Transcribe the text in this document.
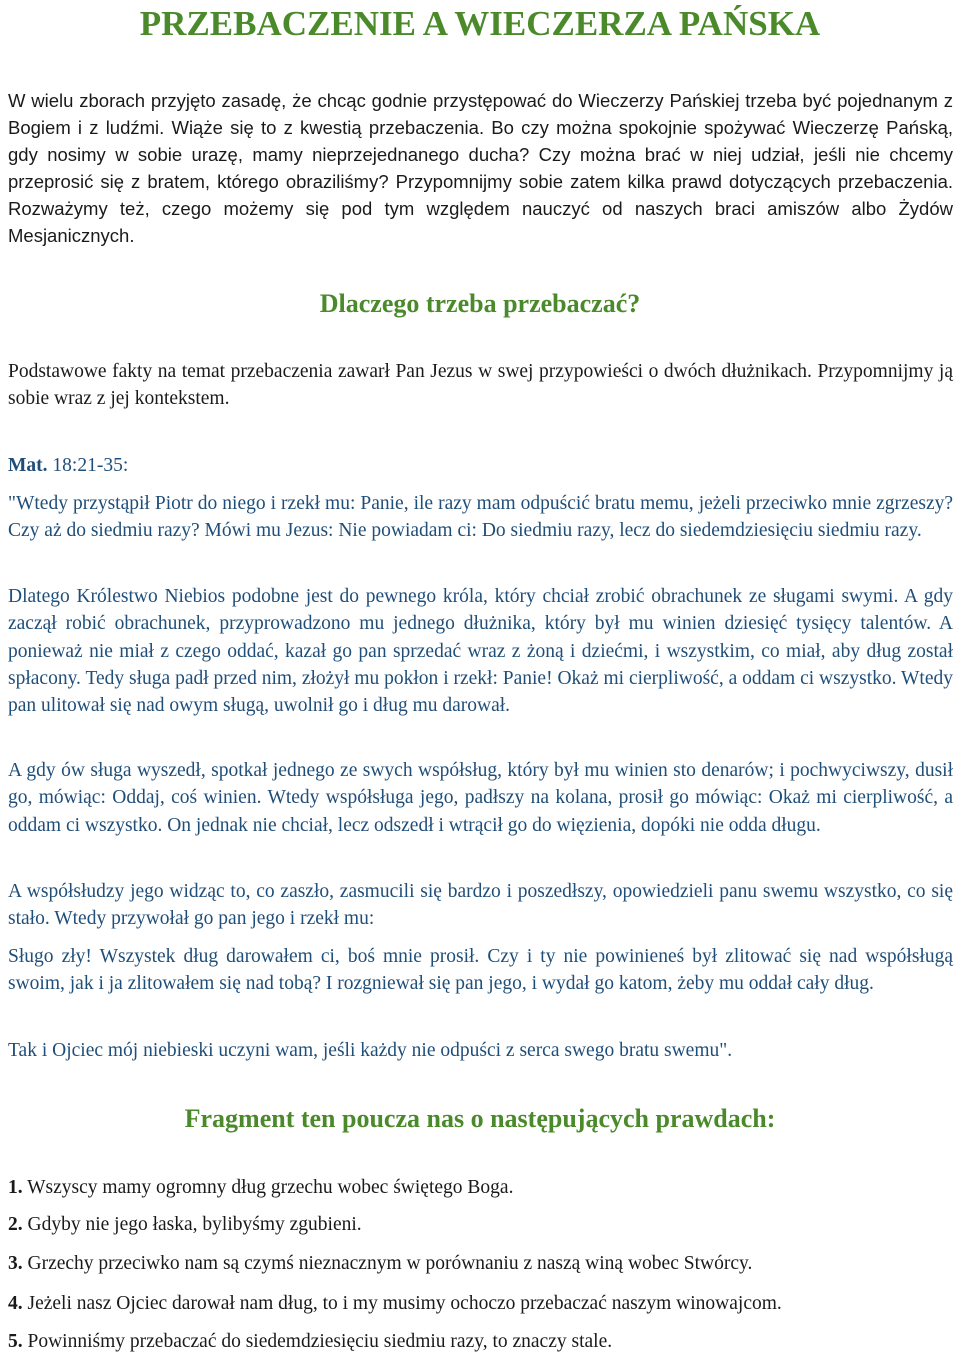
PRZEBACZENIE A WIECZERZA PAŃSKA

W wielu zborach przyjęto zasadę, że chcąc godnie przystępować do Wieczerzy Pańskiej trzeba być pojednanym z Bogiem i z ludźmi. Wiąże się to z kwestią przebaczenia. Bo czy można spokojnie spożywać Wieczerzę Pańską, gdy nosimy w sobie urazę, mamy nieprzejednanego ducha? Czy można brać w niej udział, jeśli nie chcemy przeprosić się z bratem, którego obraziliśmy? Przypomnijmy sobie zatem kilka prawd dotyczących przebaczenia. Rozważymy też, czego możemy się pod tym względem nauczyć od naszych braci amiszów albo Żydów Mesjanicznych.

Dlaczego trzeba przebaczać?

Podstawowe fakty na temat przebaczenia zawarł Pan Jezus w swej przypowieści o dwóch dłużnikach. Przypomnijmy ją sobie wraz z jej kontekstem.

Mat. 18:21-35:

"Wtedy przystąpił Piotr do niego i rzekł mu: Panie, ile razy mam odpuścić bratu memu, jeżeli przeciwko mnie zgrzeszy? Czy aż do siedmiu razy? Mówi mu Jezus: Nie powiadam ci: Do siedmiu razy, lecz do siedemdziesięciu siedmiu razy.

Dlatego Królestwo Niebios podobne jest do pewnego króla, który chciał zrobić obrachunek ze sługami swymi. A gdy zaczął robić obrachunek, przyprowadzono mu jednego dłużnika, który był mu winien dziesięć tysięcy talentów. A ponieważ nie miał z czego oddać, kazał go pan sprzedać wraz z żoną i dziećmi, i wszystkim, co miał, aby dług został spłacony. Tedy sługa padł przed nim, złożył mu pokłon i rzekł: Panie! Okaż mi cierpliwość, a oddam ci wszystko. Wtedy pan ulitował się nad owym sługą, uwolnił go i dług mu darował.

A gdy ów sługa wyszedł, spotkał jednego ze swych współsług, który był mu winien sto denarów; i pochwyciwszy, dusił go, mówiąc: Oddaj, coś winien. Wtedy współsługa jego, padłszy na kolana, prosił go mówiąc: Okaż mi cierpliwość, a oddam ci wszystko. On jednak nie chciał, lecz odszedł i wtrącił go do więzienia, dopóki nie odda długu.

A współsłudzy jego widząc to, co zaszło, zasmucili się bardzo i poszedłszy, opowiedzieli panu swemu wszystko, co się stało. Wtedy przywołał go pan jego i rzekł mu:

Sługo zły! Wszystek dług darowałem ci, boś mnie prosił. Czy i ty nie powinieneś był zlitować się nad współsługą swoim, jak i ja zlitowałem się nad tobą? I rozgniewał się pan jego, i wydał go katom, żeby mu oddał cały dług.

Tak i Ojciec mój niebieski uczyni wam, jeśli każdy nie odpuści z serca swego bratu swemu".

Fragment ten poucza nas o następujących prawdach:

1. Wszyscy mamy ogromny dług grzechu wobec świętego Boga.

2. Gdyby nie jego łaska, bylibyśmy zgubieni.

3. Grzechy przeciwko nam są czymś nieznacznym w porównaniu z naszą winą wobec Stwórcy.

4. Jeżeli nasz Ojciec darował nam dług, to i my musimy ochoczo przebaczać naszym winowajcom.

5. Powinniśmy przebaczać do siedemdziesięciu siedmiu razy, to znaczy stale.
